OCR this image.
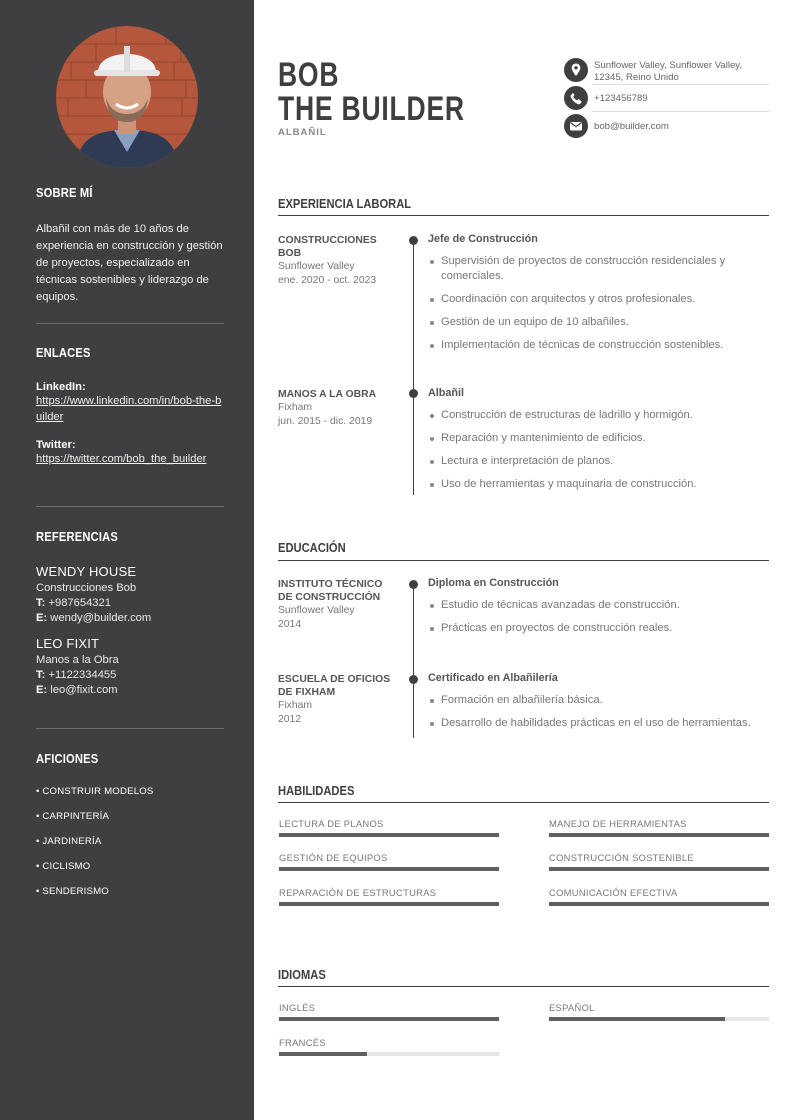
SOBRE MÍ
Albañil con más de 10 años de experiencia en construcción y gestión de proyectos, especializado en técnicas sostenibles y liderazgo de equipos.
ENLACES
LinkedIn:
https://www.linkedin.com/in/bob-the-builder
Twitter:
https://twitter.com/bob_the_builder
REFERENCIAS
WENDY HOUSE
Construcciones Bob
T: +987654321
E: wendy@builder.com
LEO FIXIT
Manos a la Obra
T: +1122334455
E: leo@fixit.com
AFICIONES
• CONSTRUIR MODELOS
• CARPINTERÍA
• JARDINERÍA
• CICLISMO
• SENDERISMO
BOB
THE BUILDER
ALBAÑIL
Sunflower Valley, Sunflower Valley, 12345, Reino Unido
+123456789
bob@builder.com
EXPERIENCIA LABORAL
CONSTRUCCIONES BOB
Sunflower Valley
ene. 2020 - oct. 2023
Jefe de Construcción
Supervisión de proyectos de construcción residenciales y comerciales.
Coordinación con arquitectos y otros profesionales.
Gestión de un equipo de 10 albañiles.
Implementación de técnicas de construcción sostenibles.
MANOS A LA OBRA
Fixham
jun. 2015 - dic. 2019
Albañil
Construcción de estructuras de ladrillo y hormigón.
Reparación y mantenimiento de edificios.
Lectura e interpretación de planos.
Uso de herramientas y maquinaria de construcción.
EDUCACIÓN
INSTITUTO TÉCNICO DE CONSTRUCCIÓN
Sunflower Valley
2014
Diploma en Construcción
Estudio de técnicas avanzadas de construcción.
Prácticas en proyectos de construcción reales.
ESCUELA DE OFICIOS DE FIXHAM
Fixham
2012
Certificado en Albañilería
Formación en albañilería básica.
Desarrollo de habilidades prácticas en el uso de herramientas.
HABILIDADES
LECTURA DE PLANOS	MANEJO DE HERRAMIENTAS
GESTIÓN DE EQUIPOS	CONSTRUCCIÓN SOSTENIBLE
REPARACIÓN DE ESTRUCTURAS	COMUNICACIÓN EFECTIVA
IDIOMAS
INGLÉS	ESPAÑOL
FRANCÉS
